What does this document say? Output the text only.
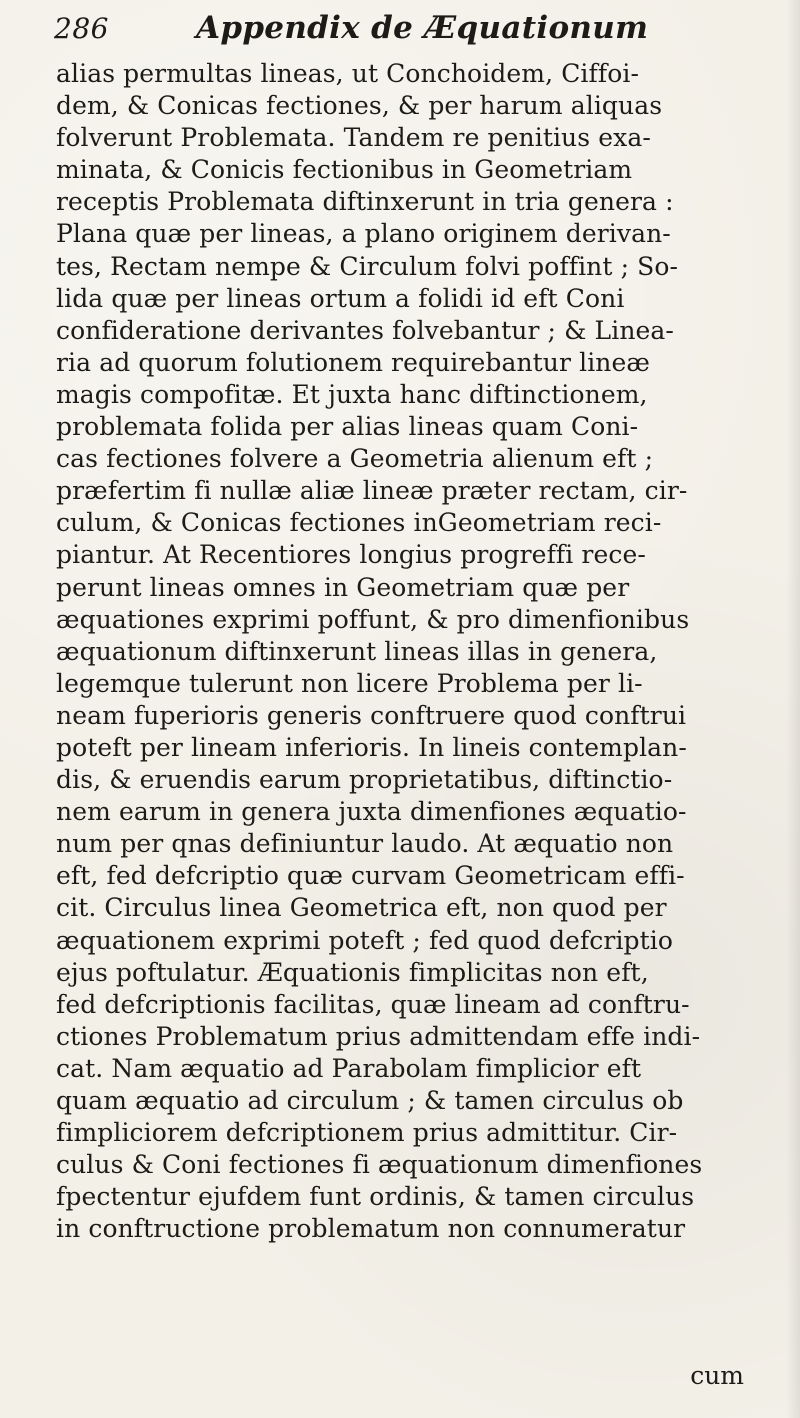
286	Appendix de Æquationum
alias permultas lineas, ut Conchoidem, Ciffoi-
dem, & Conicas fectiones, & per harum aliquas
folverunt Problemata. Tandem re penitius exa-
minata, & Conicis fectionibus in Geometriam
receptis Problemata diftinxerunt in tria genera :
Plana quæ per lineas, a plano originem derivan-
tes, Rectam nempe & Circulum folvi poffint ; So-
lida quæ per lineas ortum a folidi id eft Coni
confideratione derivantes folvebantur ; & Linea-
ria ad quorum folutionem requirebantur lineæ
magis compofitæ. Et juxta hanc diftinctionem,
problemata folida per alias lineas quam Coni-
cas fectiones folvere a Geometria alienum eft ;
præfertim fi nullæ aliæ lineæ præter rectam, cir-
culum, & Conicas fectiones inGeometriam reci-
piantur. At Recentiores longius progreffi rece-
perunt lineas omnes in Geometriam quæ per
æquationes exprimi poffunt, & pro dimenfionibus
æquationum diftinxerunt lineas illas in genera,
legemque tulerunt non licere Problema per li-
neam fuperioris generis conftruere quod conftrui
poteft per lineam inferioris. In lineis contemplan-
dis, & eruendis earum proprietatibus, diftinctio-
nem earum in genera juxta dimenfiones æquatio-
num per qnas definiuntur laudo. At æquatio non
eft, fed defcriptio quæ curvam Geometricam effi-
cit. Circulus linea Geometrica eft, non quod per
æquationem exprimi poteft ; fed quod defcriptio
ejus poftulatur. Æquationis fimplicitas non eft,
fed defcriptionis facilitas, quæ lineam ad conftru-
ctiones Problematum prius admittendam effe indi-
cat. Nam æquatio ad Parabolam fimplicior eft
quam æquatio ad circulum ; & tamen circulus ob
fimpliciorem defcriptionem prius admittitur. Cir-
culus & Coni fectiones fi æquationum dimenfiones
fpectentur ejufdem funt ordinis, & tamen circulus
in conftructione problematum non connumeratur
cum
